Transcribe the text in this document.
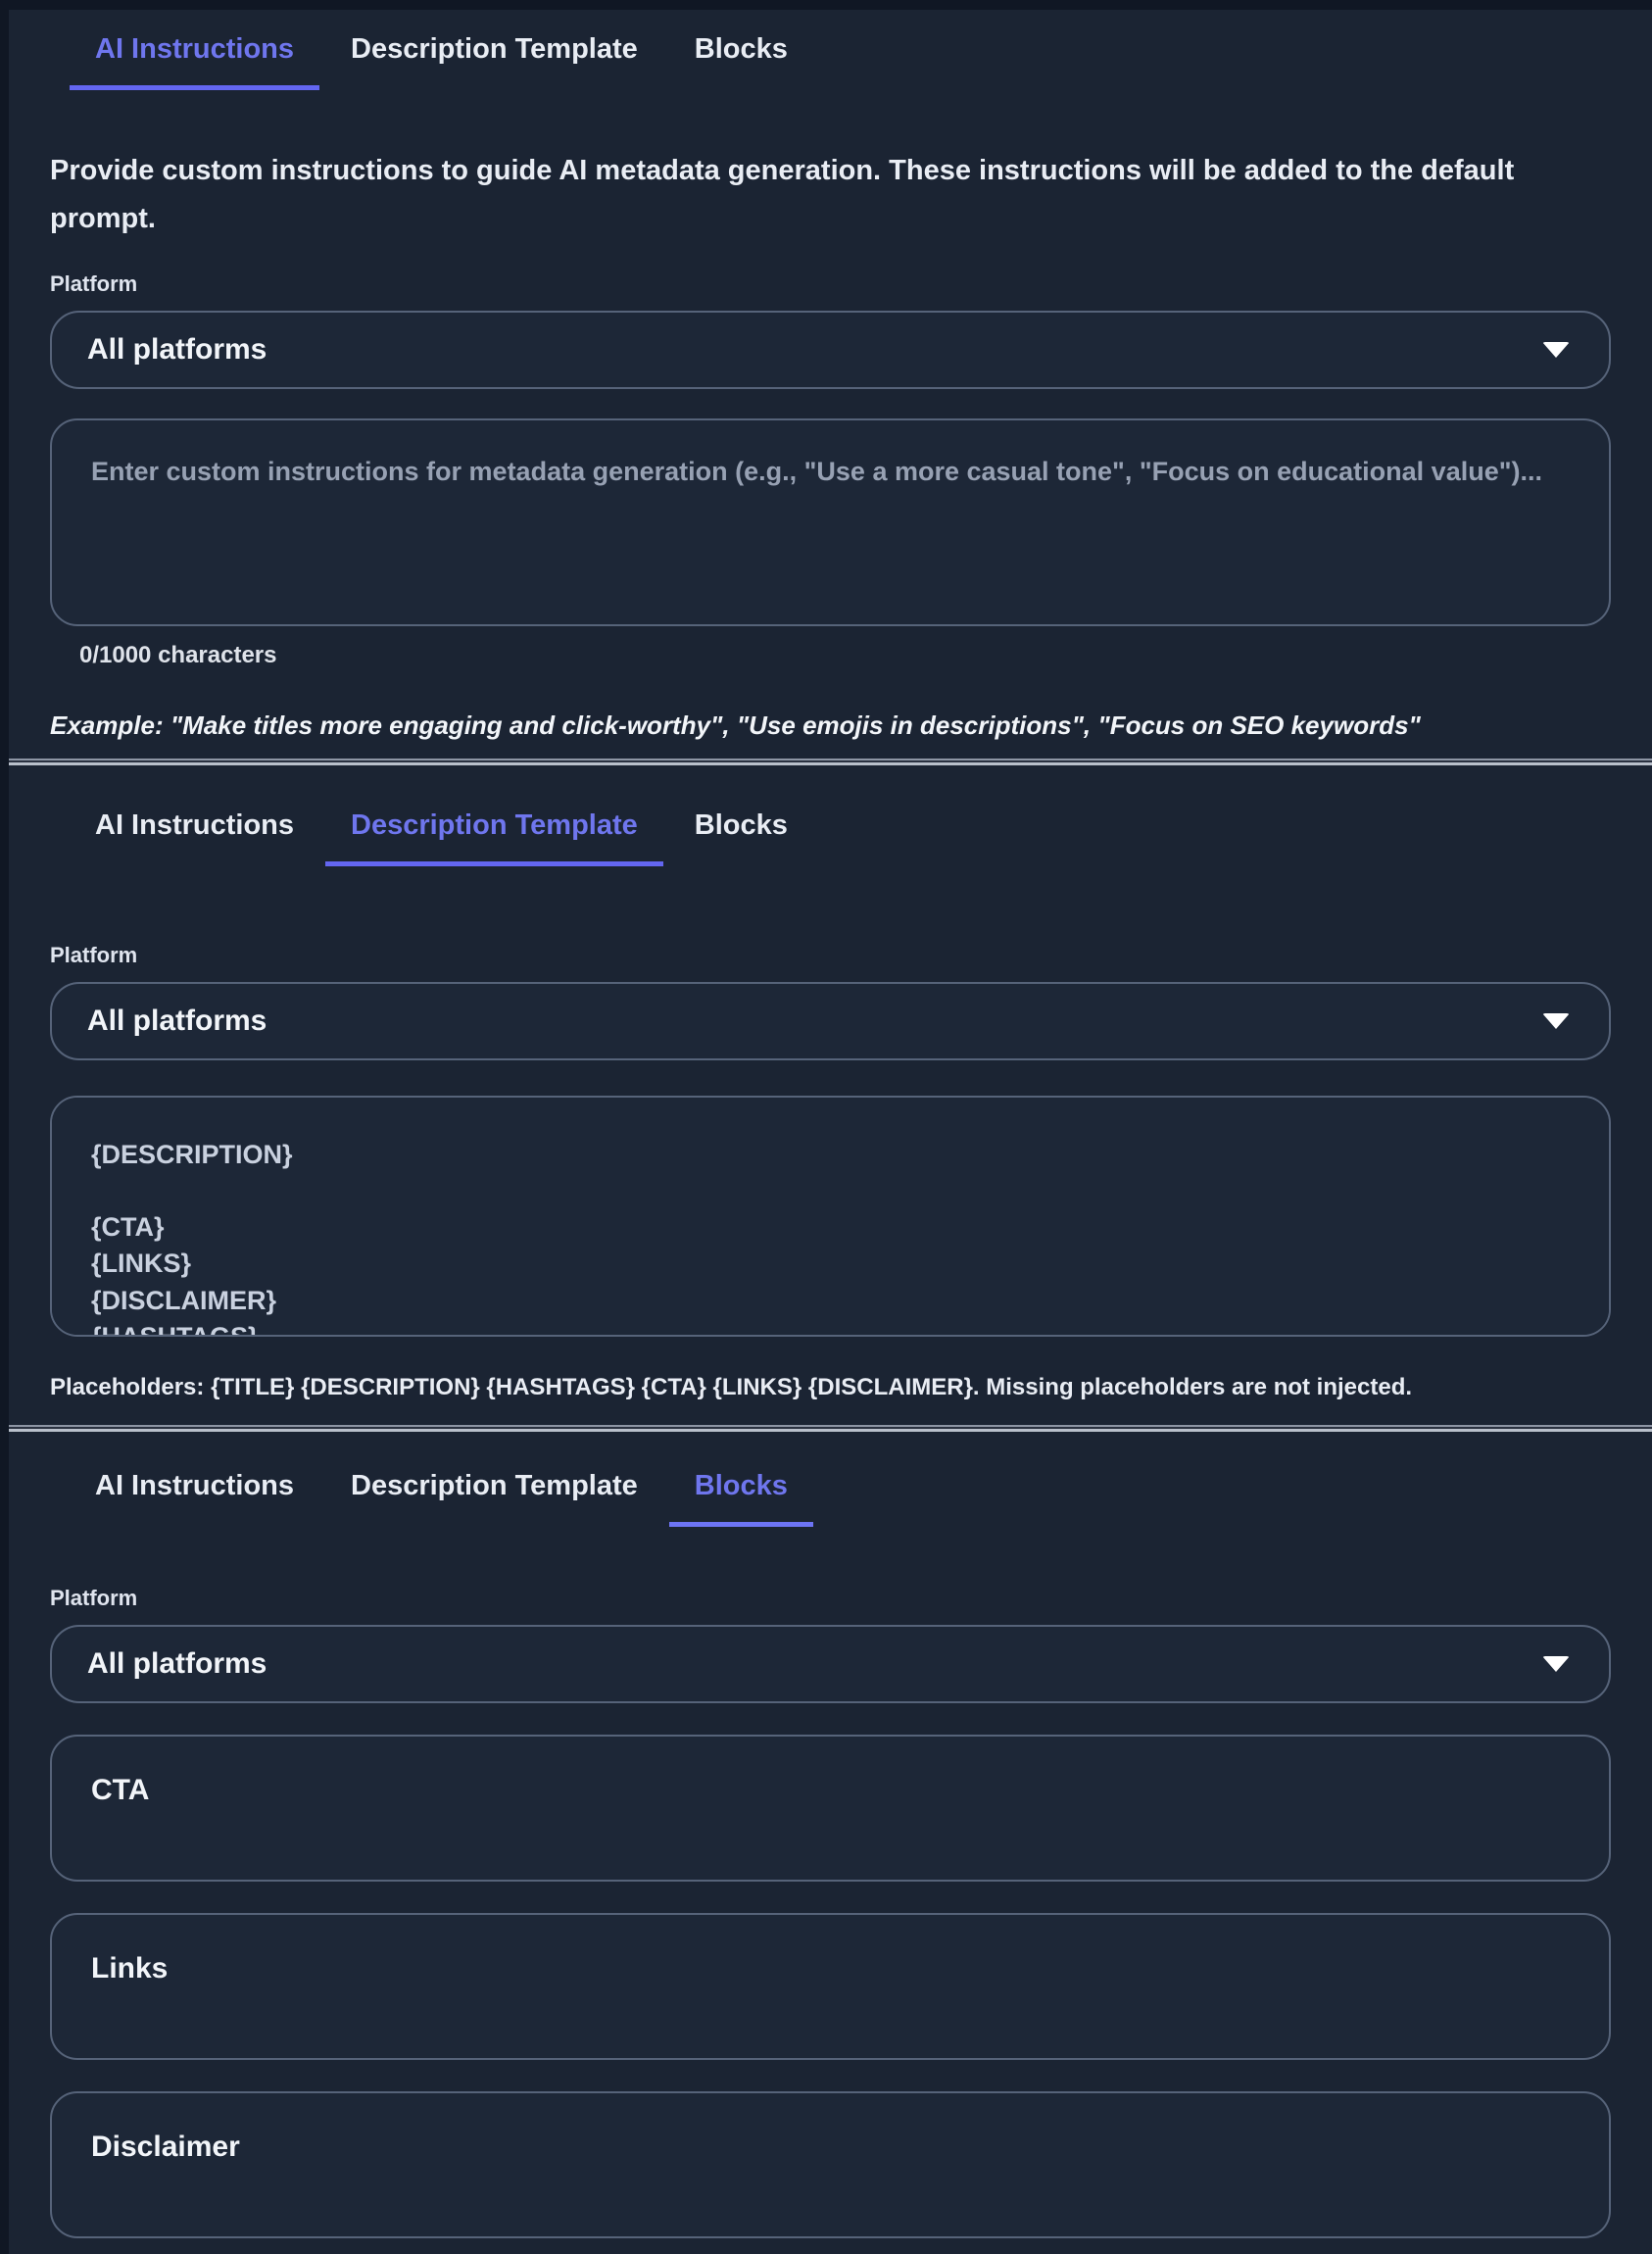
AI Instructions	Description Template	Blocks

Provide custom instructions to guide AI metadata generation. These instructions will be added to the default prompt.

Platform
All platforms
Enter custom instructions for metadata generation (e.g., "Use a more casual tone", "Focus on educational value")...
0/1000 characters
Example: "Make titles more engaging and click-worthy", "Use emojis in descriptions", "Focus on SEO keywords"
AI Instructions	Description Template	Blocks
Platform
All platforms
{DESCRIPTION} {CTA} {LINKS} {DISCLAIMER} {HASHTAGS}
Placeholders: {TITLE} {DESCRIPTION} {HASHTAGS} {CTA} {LINKS} {DISCLAIMER}. Missing placeholders are not injected.
AI Instructions	Description Template	Blocks
Platform
All platforms
CTA
Links
Disclaimer
